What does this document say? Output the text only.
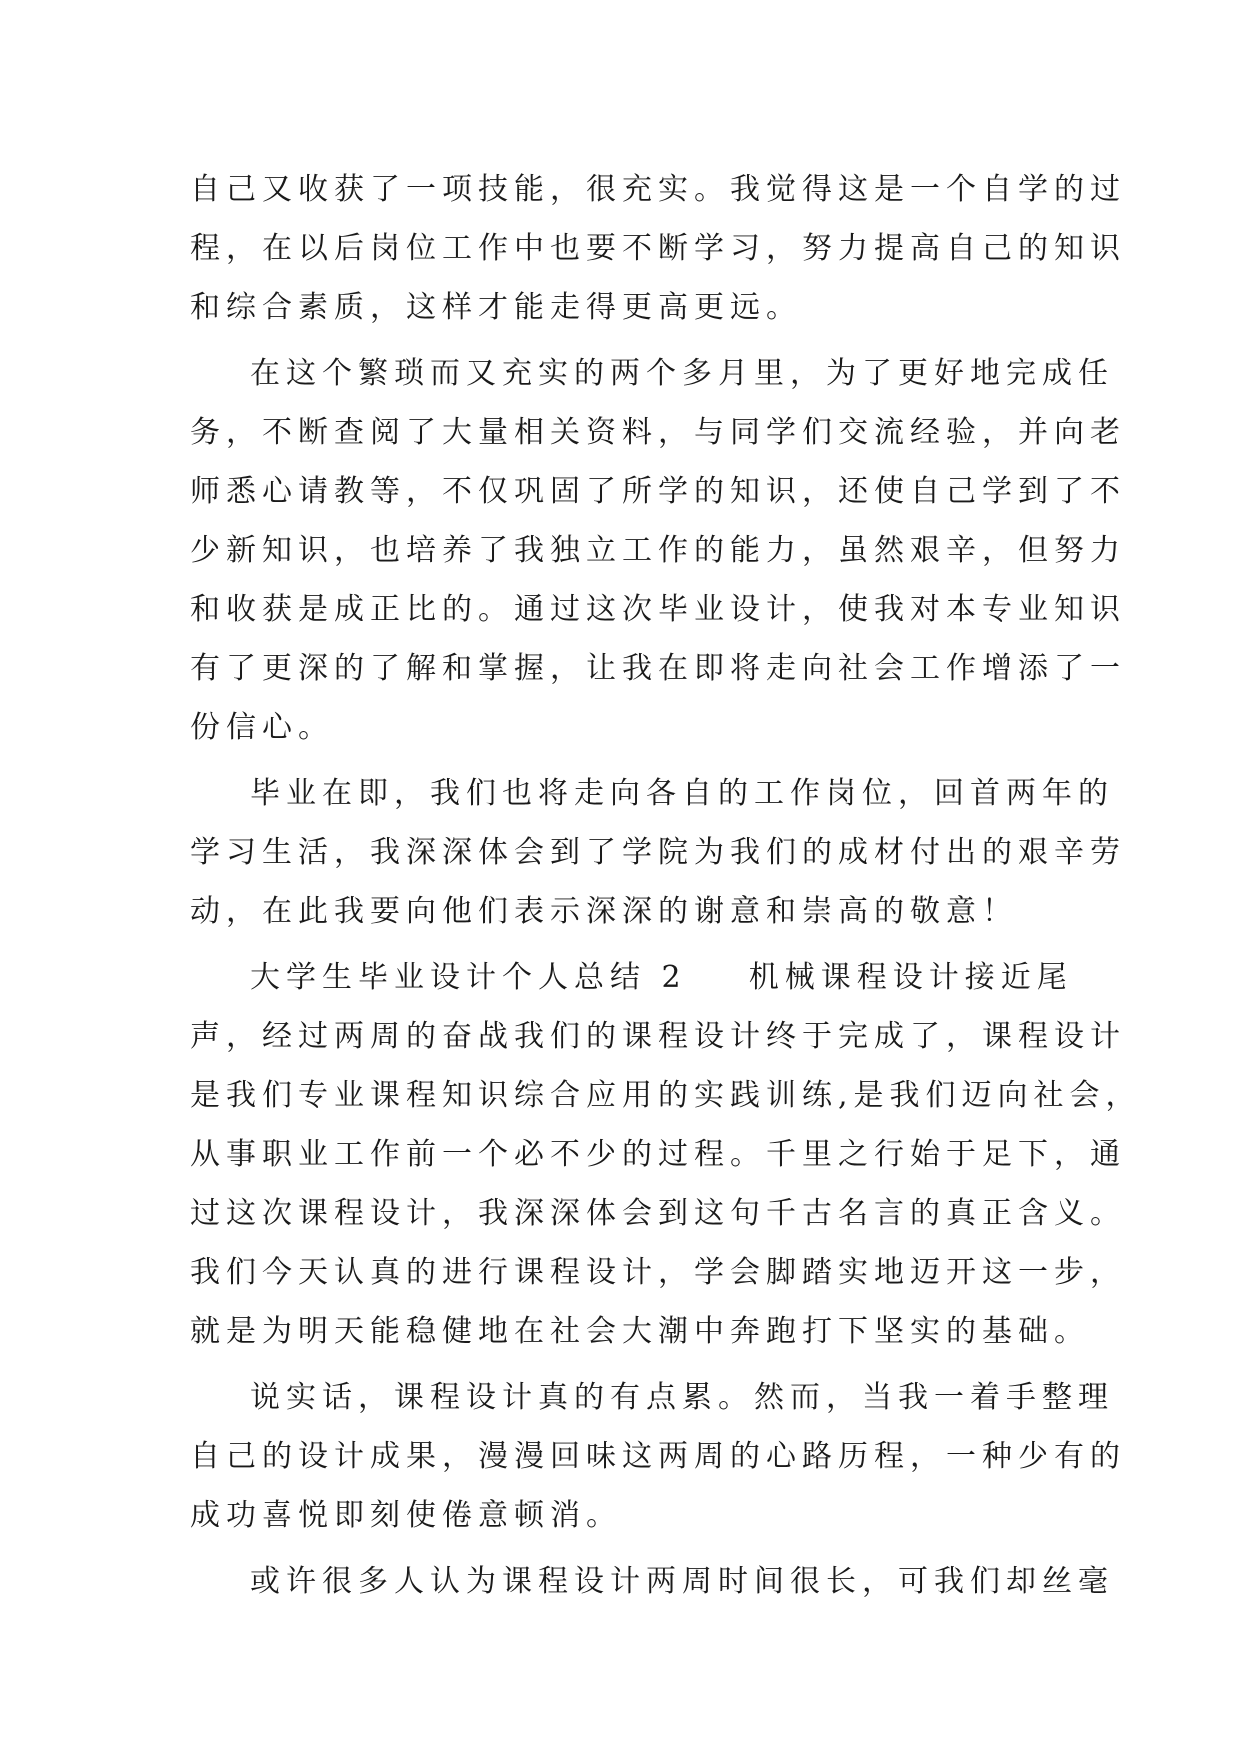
自己又收获了一项技能，很充实。我觉得这是一个自学的过
程，在以后岗位工作中也要不断学习，努力提高自己的知识
和综合素质，这样才能走得更高更远。
在这个繁琐而又充实的两个多月里，为了更好地完成任
务，不断查阅了大量相关资料，与同学们交流经验，并向老
师悉心请教等，不仅巩固了所学的知识，还使自己学到了不
少新知识，也培养了我独立工作的能力，虽然艰辛，但努力
和收获是成正比的。通过这次毕业设计，使我对本专业知识
有了更深的了解和掌握，让我在即将走向社会工作增添了一
份信心。
毕业在即，我们也将走向各自的工作岗位，回首两年的
学习生活，我深深体会到了学院为我们的成材付出的艰辛劳
动，在此我要向他们表示深深的谢意和崇高的敬意！
大学生毕业设计个人总结 2    机械课程设计接近尾
声，经过两周的奋战我们的课程设计终于完成了，课程设计
是我们专业课程知识综合应用的实践训练,是我们迈向社会，
从事职业工作前一个必不少的过程。千里之行始于足下，通
过这次课程设计，我深深体会到这句千古名言的真正含义。
我们今天认真的进行课程设计，学会脚踏实地迈开这一步，
就是为明天能稳健地在社会大潮中奔跑打下坚实的基础。
说实话，课程设计真的有点累。然而，当我一着手整理
自己的设计成果，漫漫回味这两周的心路历程，一种少有的
成功喜悦即刻使倦意顿消。
或许很多人认为课程设计两周时间很长，可我们却丝毫
